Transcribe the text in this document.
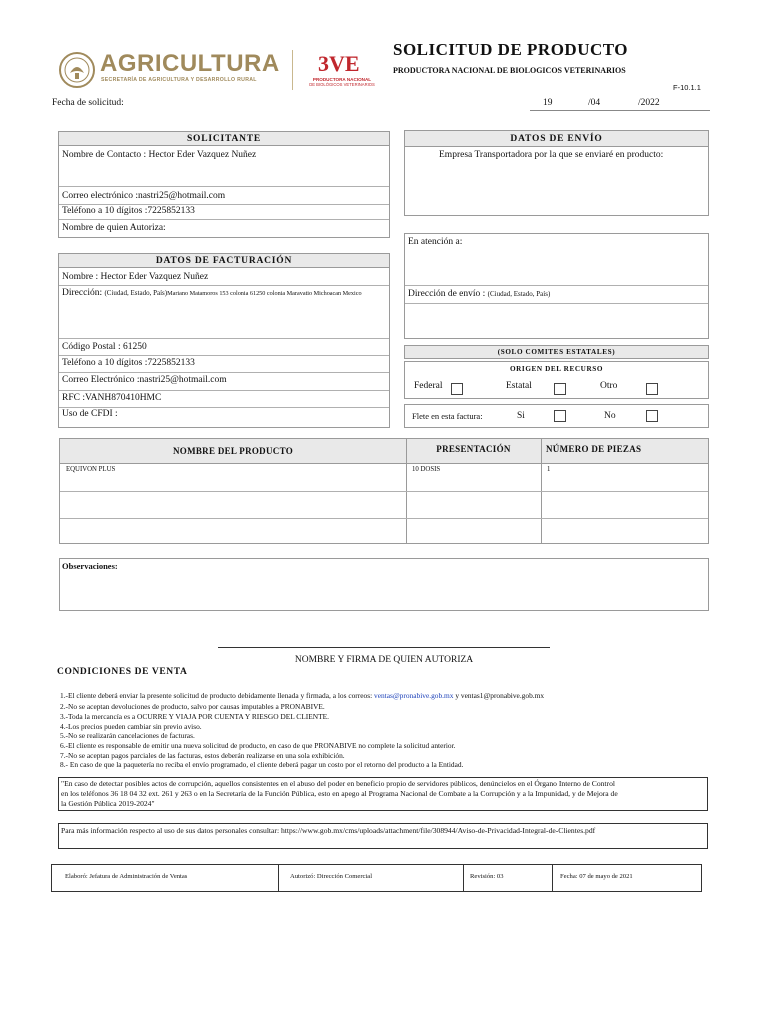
AGRICULTURA
SECRETARÍA DE AGRICULTURA Y DESARROLLO RURAL
3VE
PRODUCTORA NACIONAL
DE BIOLÓGICOS VETERINARIOS
SOLICITUD DE PRODUCTO
PRODUCTORA NACIONAL DE BIOLOGICOS VETERINARIOS
F-10.1.1
Fecha de solicitud:	19	/04	/2022
SOLICITANTE
Nombre de Contacto : Hector Eder Vazquez Nuñez
Correo electrónico :nastri25@hotmail.com
Teléfono a 10 dígitos :7225852133
Nombre de quien Autoriza:
DATOS DE FACTURACIÓN
Nombre : Hector Eder Vazquez Nuñez
Dirección: (Ciudad, Estado, País)Mariano Matamoros 153 colonia 61250 colonia Maravatio Michoacan Mexico
Código Postal : 61250
Teléfono a 10 dígitos :7225852133
Correo Electrónico :nastri25@hotmail.com
RFC :VANH870410HMC
Uso de CFDI :
DATOS DE ENVÍO
Empresa Transportadora por la que se enviaré en producto:
En atención a:
Dirección de envío : (Ciudad, Estado, País)
(SOLO COMITES ESTATALES)
ORIGEN DEL RECURSO
Federal	Estatal	Otro
Flete en esta factura:	Si	No
NOMBRE DEL PRODUCTO	PRESENTACIÓN	NÚMERO DE PIEZAS
EQUIVON PLUS	10 DOSIS	1
Observaciones:
NOMBRE Y FIRMA DE QUIEN AUTORIZA
CONDICIONES DE VENTA
1.-El cliente deberá enviar la presente solicitud de producto debidamente llenada y firmada, a los correos: ventas@pronabive.gob.mx y ventas1@pronabive.gob.mx
2.-No se aceptan devoluciones de producto, salvo por causas imputables a PRONABIVE.
3.-Toda la mercancía es a OCURRE Y VIAJA POR CUENTA Y RIESGO DEL CLIENTE.
4.-Los precios pueden cambiar sin previo aviso.
5.-No se realizarán cancelaciones de facturas.
6.-El cliente es responsable de emitir una nueva solicitud de producto, en caso de que PRONABIVE no complete la solicitud anterior.
7.-No se aceptan pagos parciales de las facturas, estos deberán realizarse en una sola exhibición.
8.- En caso de que la paquetería no reciba el envío programado, el cliente deberá pagar un costo por el retorno del producto a la Entidad.
"En caso de detectar posibles actos de corrupción, aquellos consistentes en el abuso del poder en beneficio propio de servidores públicos, denúncielos en el Órgano Interno de Control
en los teléfonos 36 18 04 32 ext. 261 y 263 o en la Secretaría de la Función Pública, esto en apego al Programa Nacional de Combate a la Corrupción y a la Impunidad, y de Mejora de
la Gestión Pública 2019-2024"
Para más información respecto al uso de sus datos personales consultar: https://www.gob.mx/cms/uploads/attachment/file/308944/Aviso-de-Privacidad-Integral-de-Clientes.pdf
Elaboró: Jefatura de Administración de Ventas	Autorizó: Dirección Comercial	Revisión: 03	Fecha: 07 de mayo de 2021
